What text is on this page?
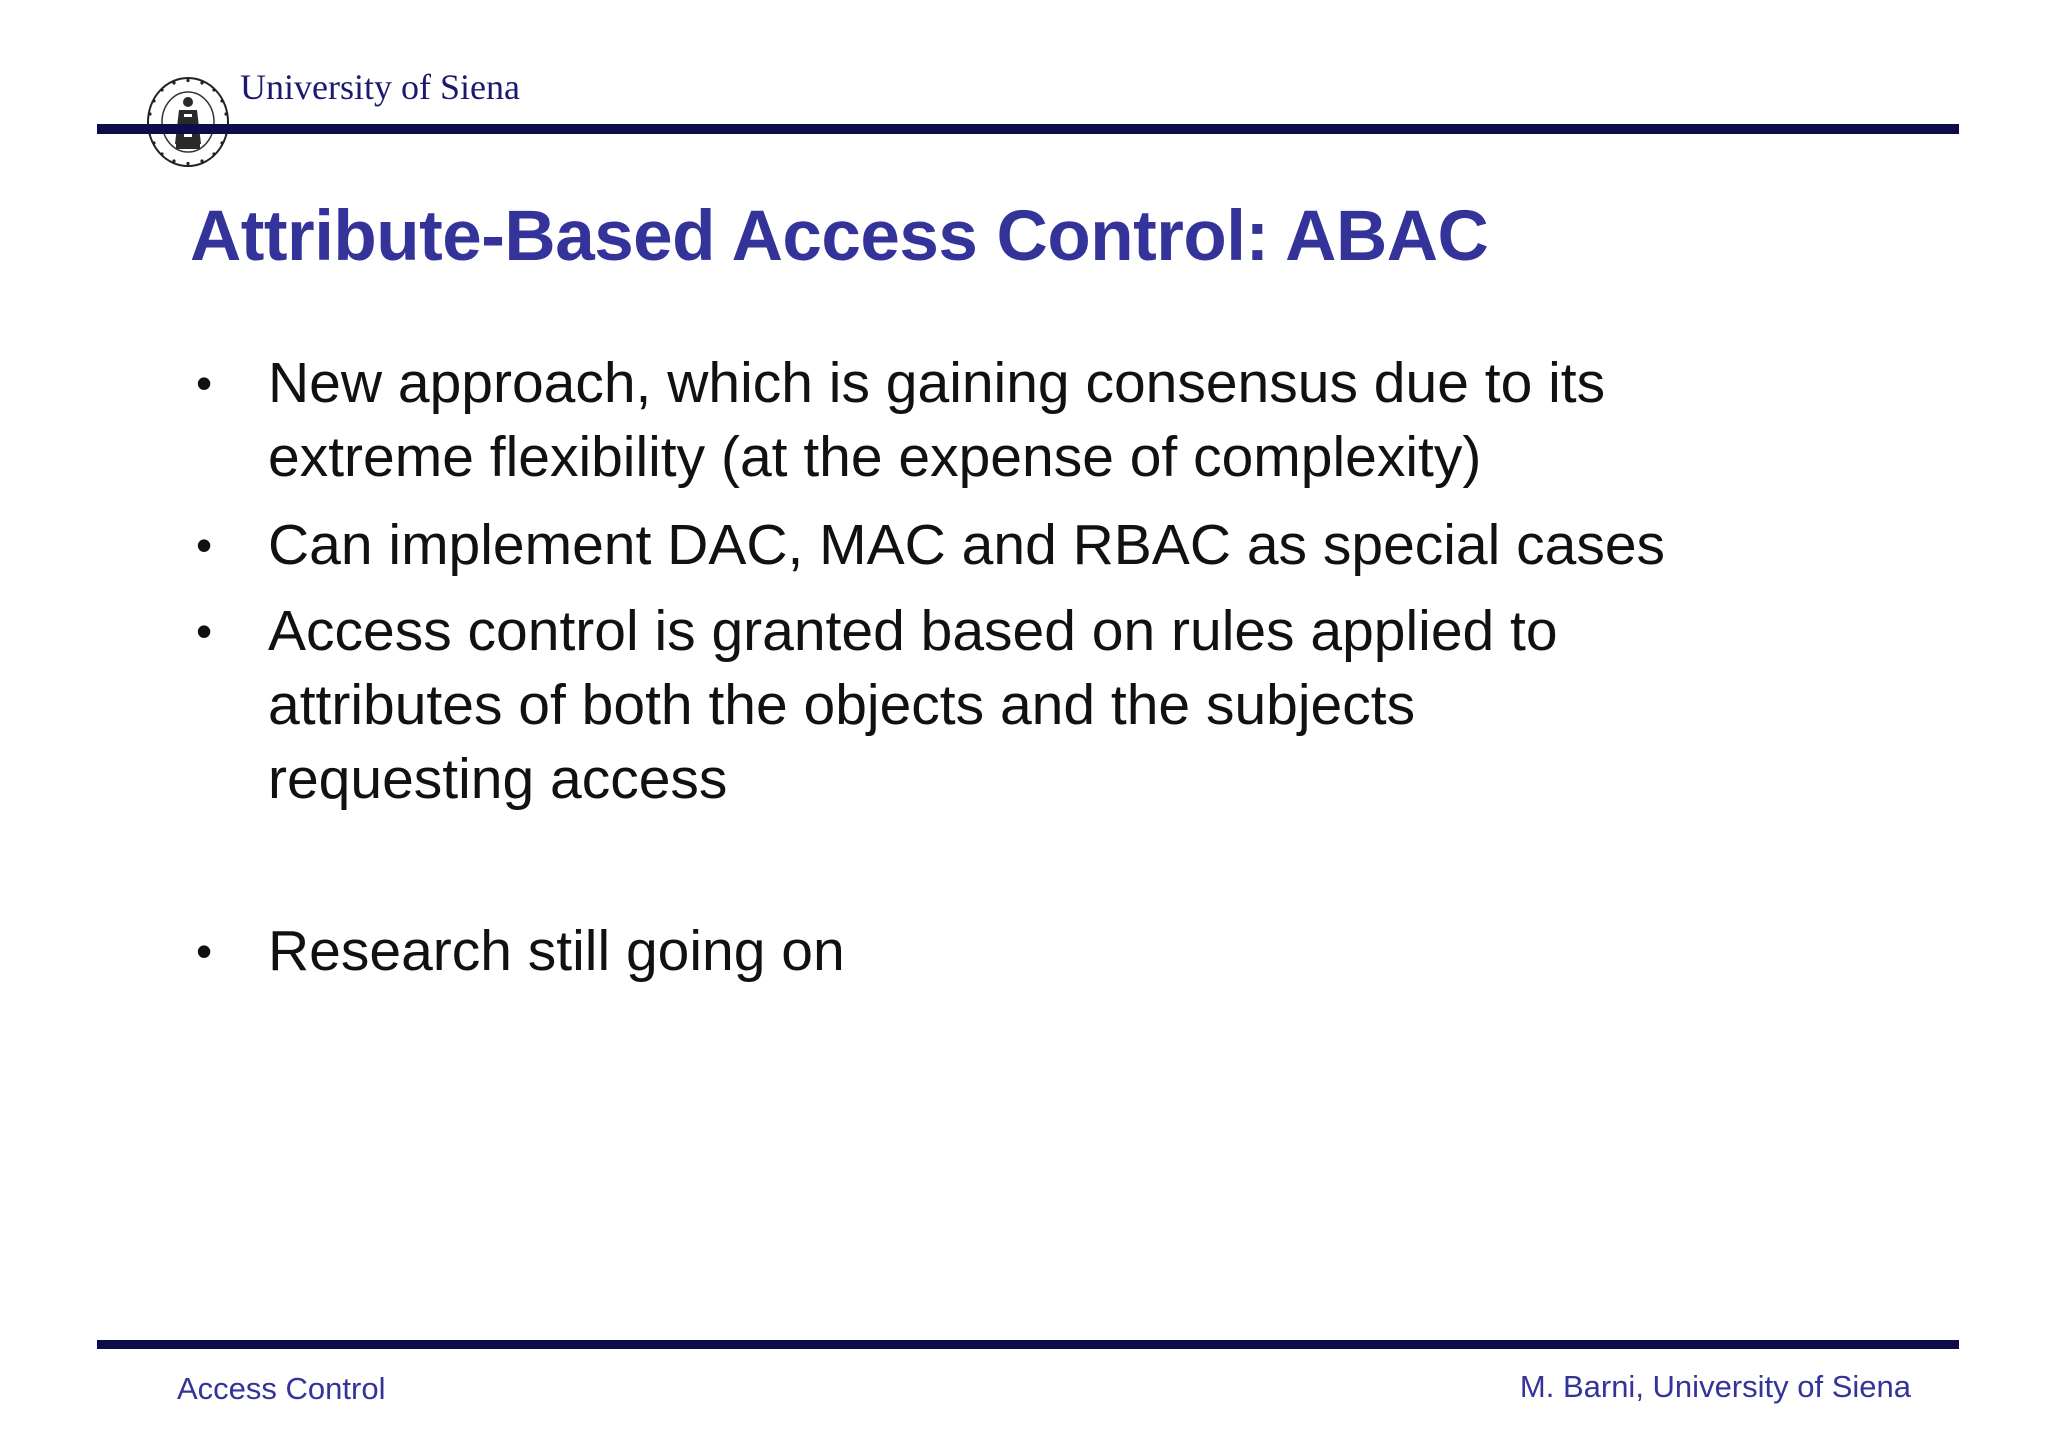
University of Siena
Attribute-Based Access Control: ABAC
• New approach, which is gaining consensus due to its
extreme flexibility (at the expense of complexity)
• Can implement DAC, MAC and RBAC as special cases
• Access control is granted based on rules applied to
attributes of both the objects and the subjects
requesting access
• Research still going on
Access Control	M. Barni, University of Siena
